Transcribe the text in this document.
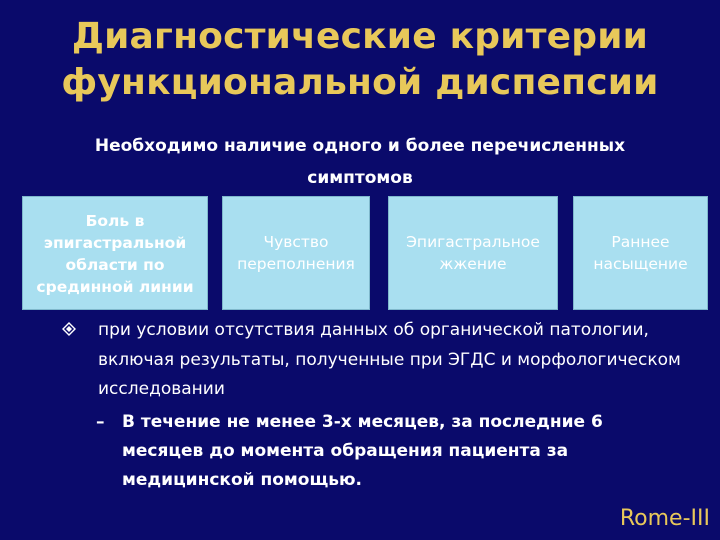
Диагностические критерии
функциональной диспепсии
Необходимо наличие одного и более перечисленных
симптомов
Боль в
эпигастральной
области по
срединной линии
Чувство
переполнения
Эпигастральное
жжение
Раннее
насыщение
при условии отсутствия данных об органической патологии,
включая результаты, полученные при ЭГДС и морфологическом
исследовании
– В течение не менее 3-х месяцев, за последние 6
месяцев до момента обращения пациента за
медицинской помощью.
Rome-III
